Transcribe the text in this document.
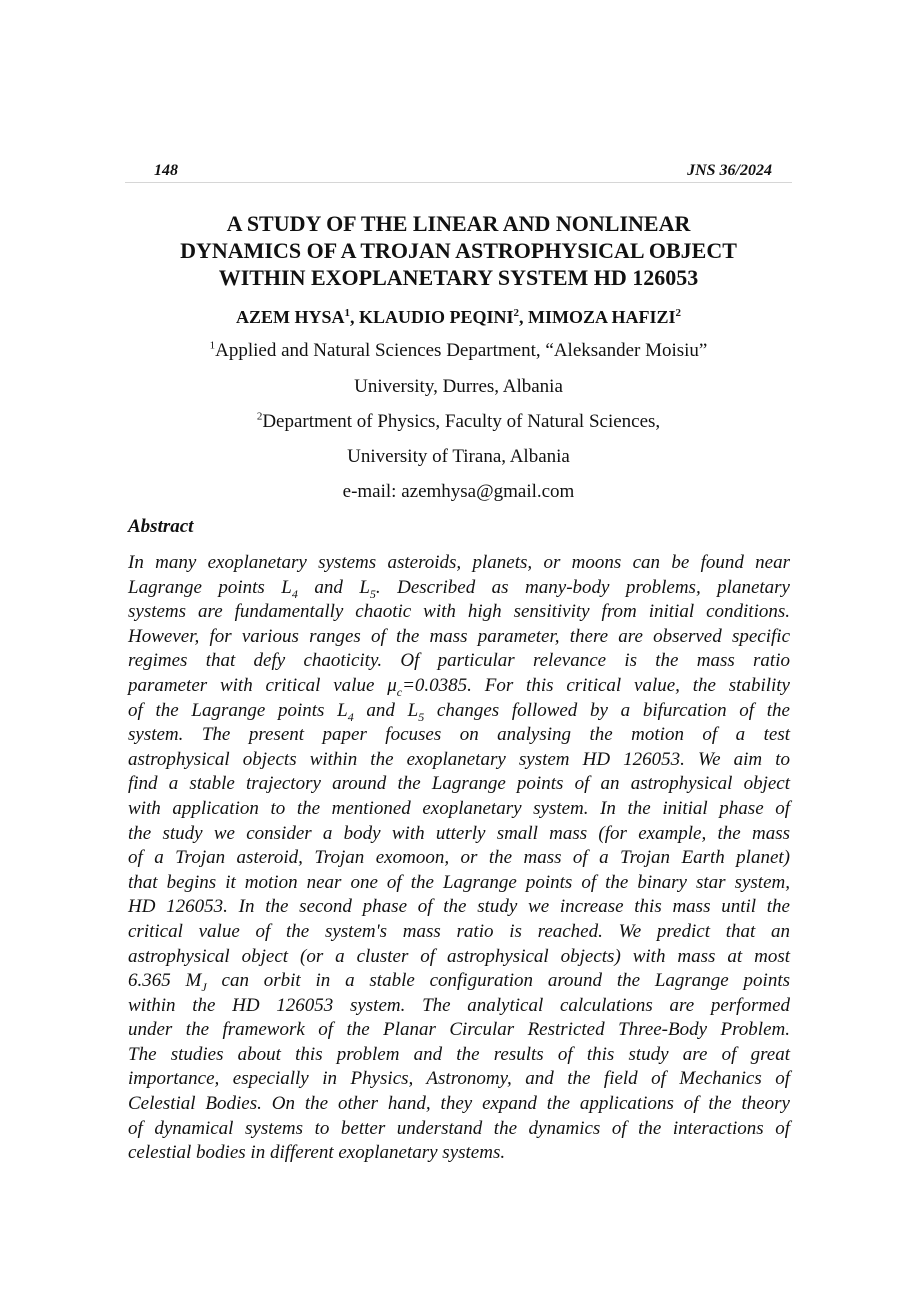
148	JNS 36/2024
A STUDY OF THE LINEAR AND NONLINEAR
DYNAMICS OF A TROJAN ASTROPHYSICAL OBJECT
WITHIN EXOPLANETARY SYSTEM HD 126053
AZEM HYSA$^1$, KLAUDIO PEQINI$^2$, MIMOZA HAFIZI$^2$
$^1$Applied and Natural Sciences Department, “Aleksander Moisiu”
University, Durres, Albania
$^2$Department of Physics, Faculty of Natural Sciences,
University of Tirana, Albania
e-mail: azemhysa@gmail.com
Abstract
In many exoplanetary systems asteroids, planets, or moons can be found near
Lagrange points $L_4$ and $L_5$. Described as many-body problems, planetary
systems are fundamentally chaotic with high sensitivity from initial conditions.
However, for various ranges of the mass parameter, there are observed specific
regimes that defy chaoticity. Of particular relevance is the mass ratio
parameter with critical value $\mu_c=0.0385$. For this critical value, the stability
of the Lagrange points $L_4$ and $L_5$ changes followed by a bifurcation of the
system. The present paper focuses on analysing the motion of a test
astrophysical objects within the exoplanetary system HD 126053. We aim to
find a stable trajectory around the Lagrange points of an astrophysical object
with application to the mentioned exoplanetary system. In the initial phase of
the study we consider a body with utterly small mass (for example, the mass
of a Trojan asteroid, Trojan exomoon, or the mass of a Trojan Earth planet)
that begins it motion near one of the Lagrange points of the binary star system,
HD 126053. In the second phase of the study we increase this mass until the
critical value of the system's mass ratio is reached. We predict that an
astrophysical object (or a cluster of astrophysical objects) with mass at most
6.365 $M_J$ can orbit in a stable configuration around the Lagrange points
within the HD 126053 system. The analytical calculations are performed
under the framework of the Planar Circular Restricted Three-Body Problem.
The studies about this problem and the results of this study are of great
importance, especially in Physics, Astronomy, and the field of Mechanics of
Celestial Bodies. On the other hand, they expand the applications of the theory
of dynamical systems to better understand the dynamics of the interactions of
celestial bodies in different exoplanetary systems.
